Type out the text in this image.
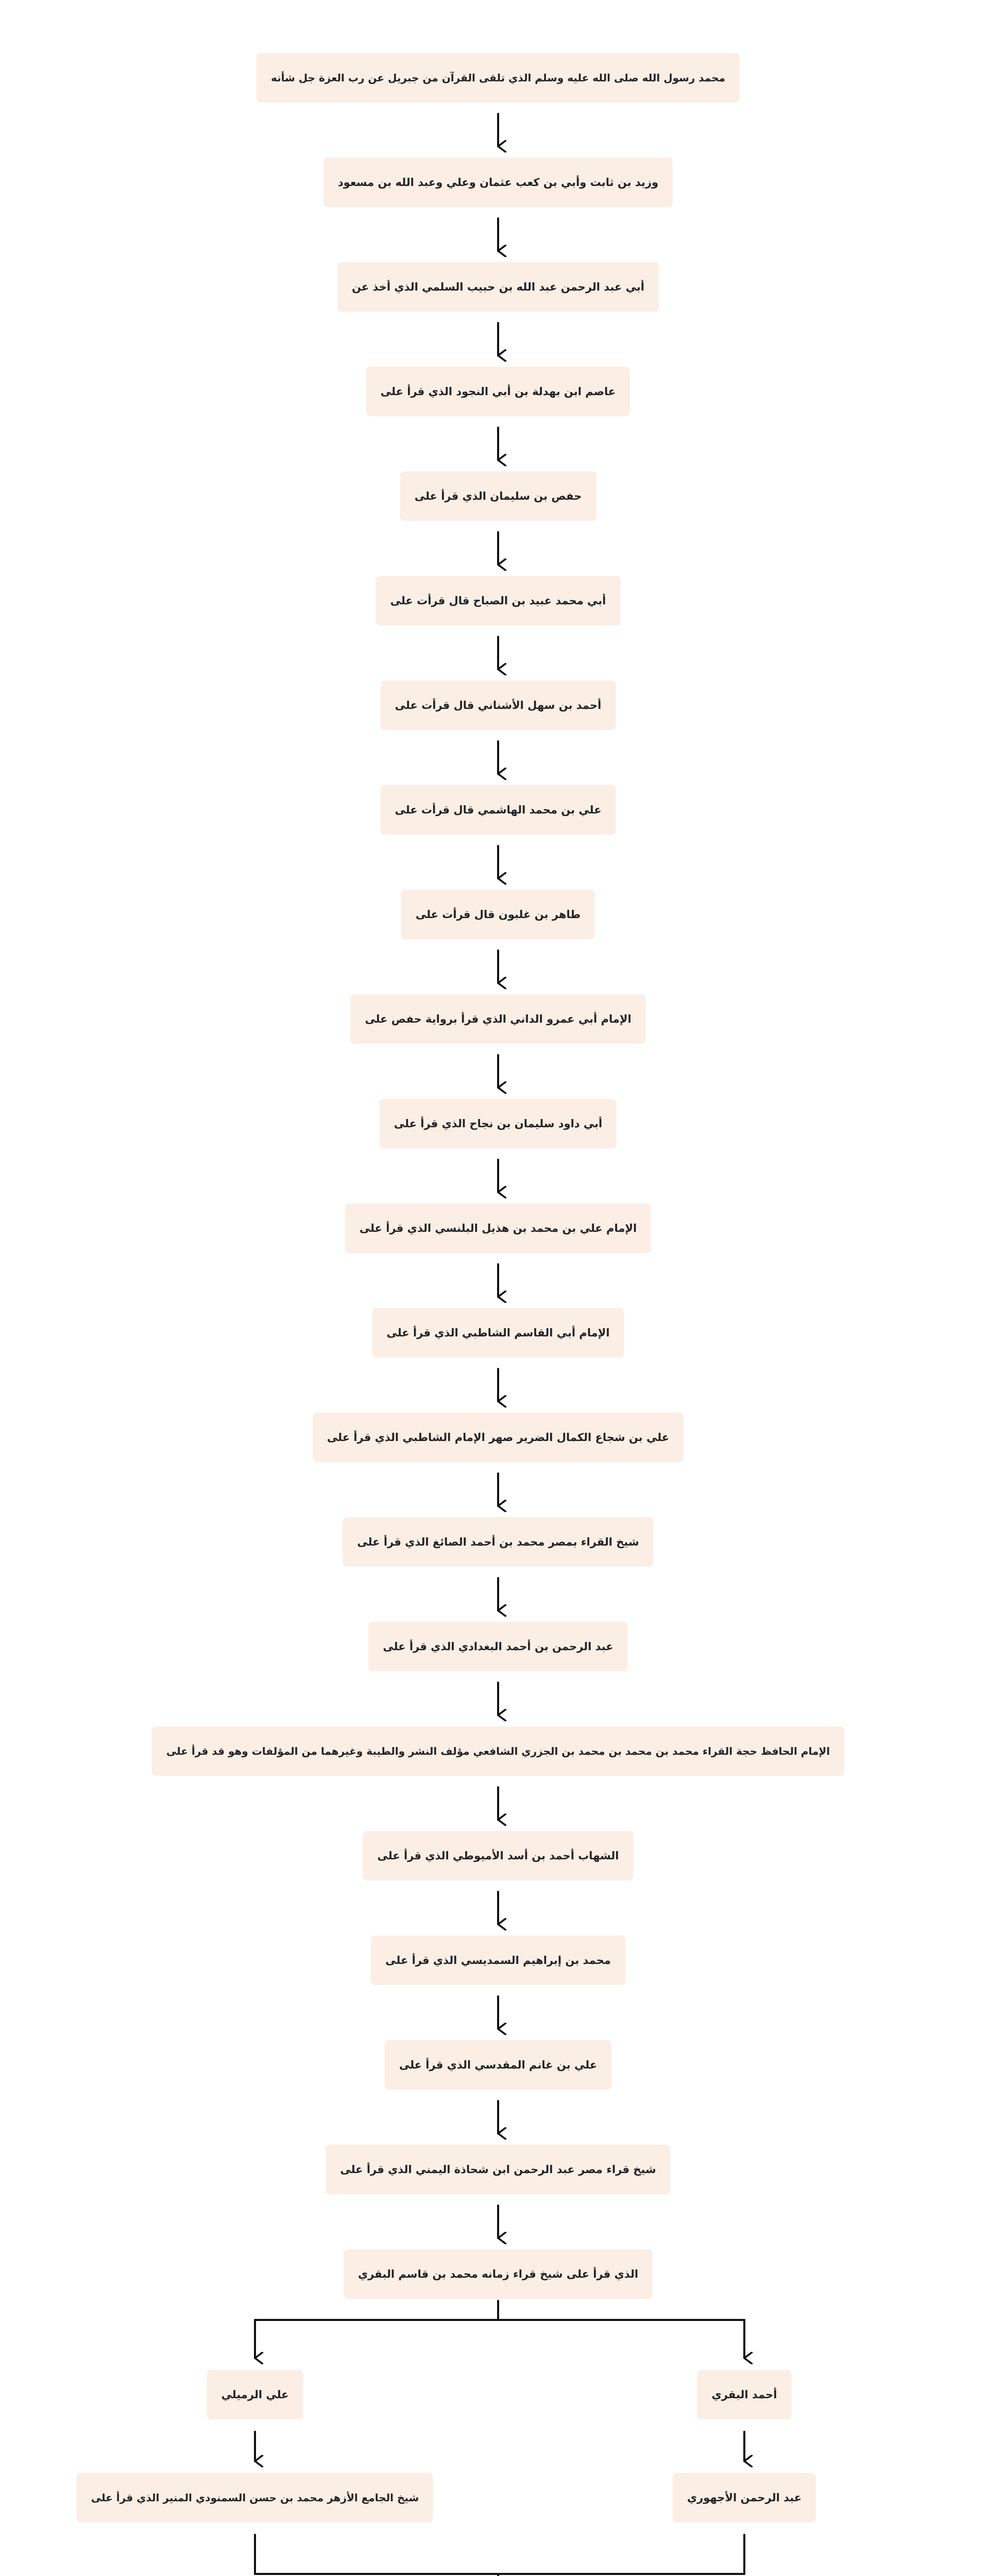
محمد رسول الله صلى الله عليه وسلم الذي تلقى القرآن من جبريل عن رب العزة جل شأنه
وزيد بن ثابت وأبي بن كعب عثمان وعلي وعبد الله بن مسعود
أبي عبد الرحمن عبد الله بن حبيب السلمي الذي أخذ عن
عاصم ابن بهدلة بن أبي النجود الذي قرأ على
حفص بن سليمان الذي قرأ على
أبي محمد عبيد بن الصباح قال قرأت على
أحمد بن سهل الأشناني قال قرأت على
علي بن محمد الهاشمي قال قرأت على
طاهر بن غلبون قال قرأت على
الإمام أبي عمرو الداني الذي قرأ برواية حفص على
أبي داود سليمان بن نجاح الذي قرأ على
الإمام علي بن محمد بن هذيل البلنسي الذي قرأ على
الإمام أبي القاسم الشاطبي الذي قرأ على
علي بن شجاع الكمال الضرير صهر الإمام الشاطبي الذي قرأ على
شيخ القراء بمصر محمد بن أحمد الصائغ الذي قرأ على
عبد الرحمن بن أحمد البغدادي الذي قرأ على
الإمام الحافظ حجة القراء محمد بن محمد بن محمد بن الجزري الشافعي مؤلف النشر والطيبة وغيرهما من المؤلفات وهو قد قرأ على
الشهاب أحمد بن أسد الأميوطي الذي قرأ على
محمد بن إبراهيم السمديسي الذي قرأ على
علي بن غانم المقدسي الذي قرأ على
شيخ قراء مصر عبد الرحمن ابن شحاذة اليمني الذي قرأ على
الذي قرأ على شيخ قراء زمانه محمد بن قاسم البقري
أحمد البقري
علي الرميلي
عبد الرحمن الأجهوري
شيخ الجامع الأزهر محمد بن حسن السمنودي المنير الذي قرأ على
